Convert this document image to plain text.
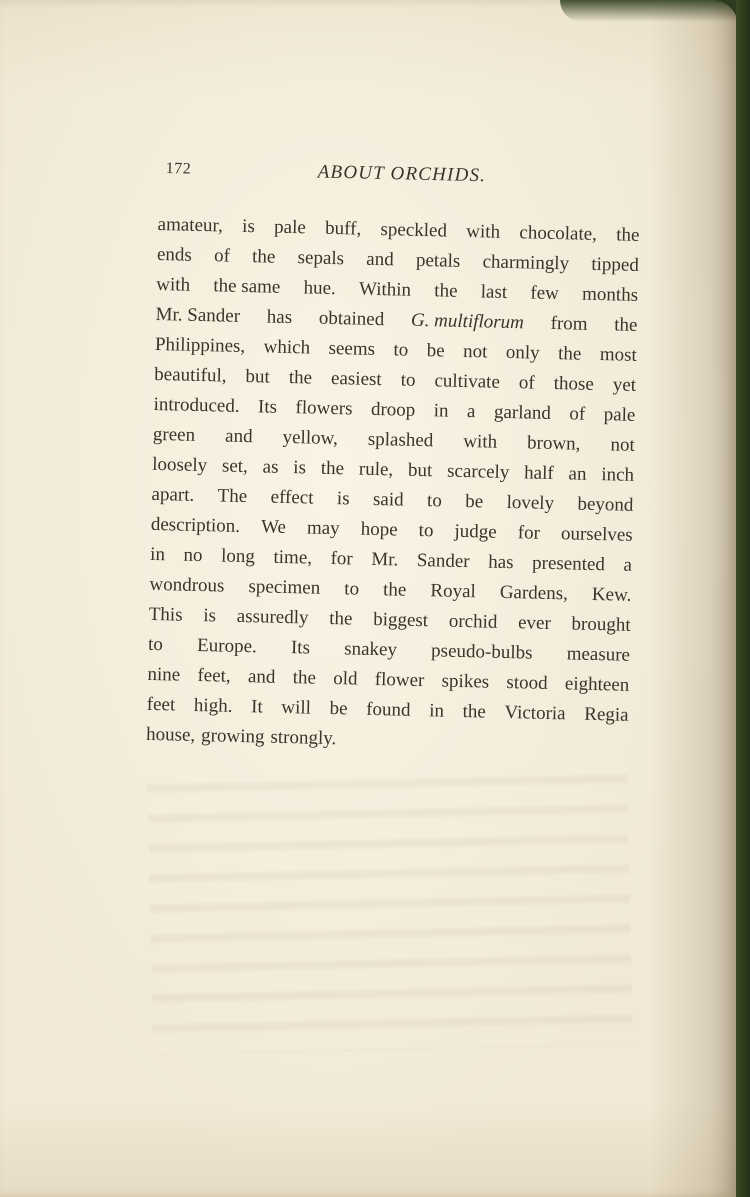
172	ABOUT ORCHIDS.
amateur, is pale buff, speckled with chocolate, the
ends of the sepals and petals charmingly tipped
with the same hue. Within the last few months
Mr. Sander has obtained G. multiflorum from the
Philippines, which seems to be not only the most
beautiful, but the easiest to cultivate of those yet
introduced. Its flowers droop in a garland of pale
green and yellow, splashed with brown, not
loosely set, as is the rule, but scarcely half an inch
apart. The effect is said to be lovely beyond
description. We may hope to judge for ourselves
in no long time, for Mr. Sander has presented a
wondrous specimen to the Royal Gardens, Kew.
This is assuredly the biggest orchid ever brought
to Europe. Its snakey pseudo-bulbs measure
nine feet, and the old flower spikes stood eighteen
feet high. It will be found in the Victoria Regia
house, growing strongly.
